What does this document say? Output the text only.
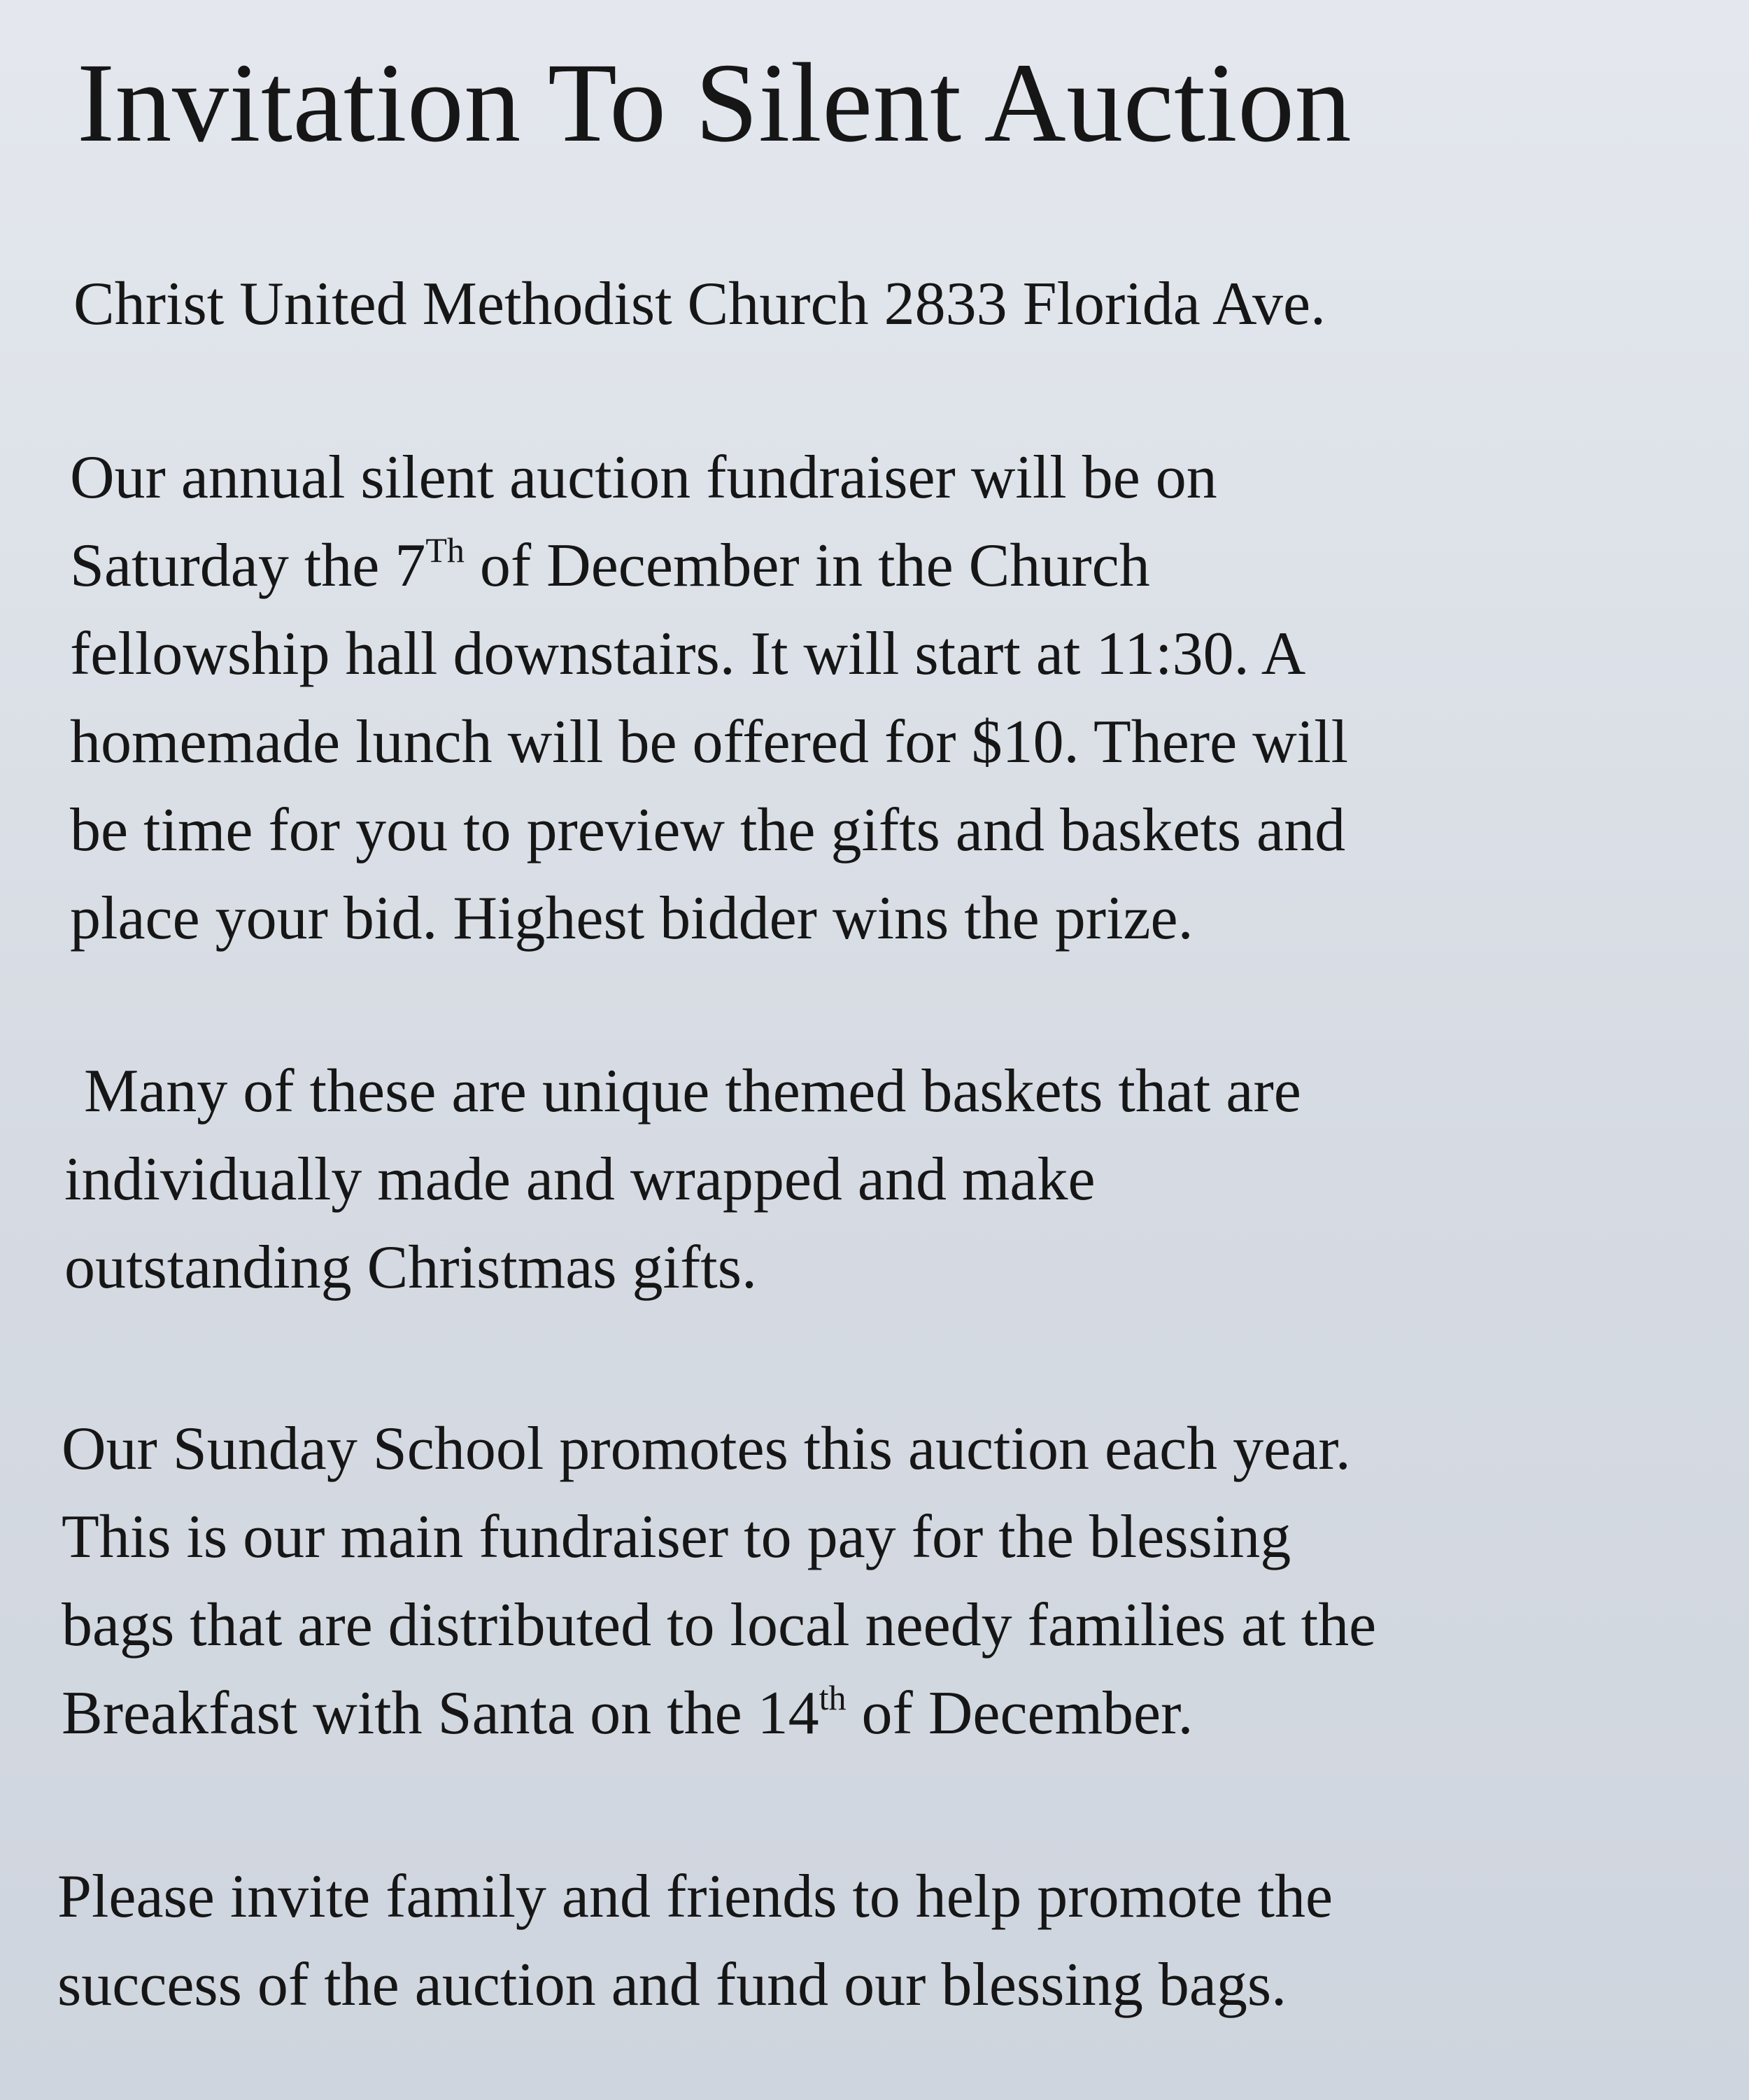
Invitation To Silent Auction

Christ United Methodist Church 2833 Florida Ave.

Our annual silent auction fundraiser will be on
Saturday the 7Th of December in the Church
fellowship hall downstairs. It will start at 11:30. A
homemade lunch will be offered for $10. There will
be time for you to preview the gifts and baskets and
place your bid. Highest bidder wins the prize.
Many of these are unique themed baskets that are
individually made and wrapped and make
outstanding Christmas gifts.
Our Sunday School promotes this auction each year.
This is our main fundraiser to pay for the blessing
bags that are distributed to local needy families at the
Breakfast with Santa on the 14th of December.
Please invite family and friends to help promote the
success of the auction and fund our blessing bags.
